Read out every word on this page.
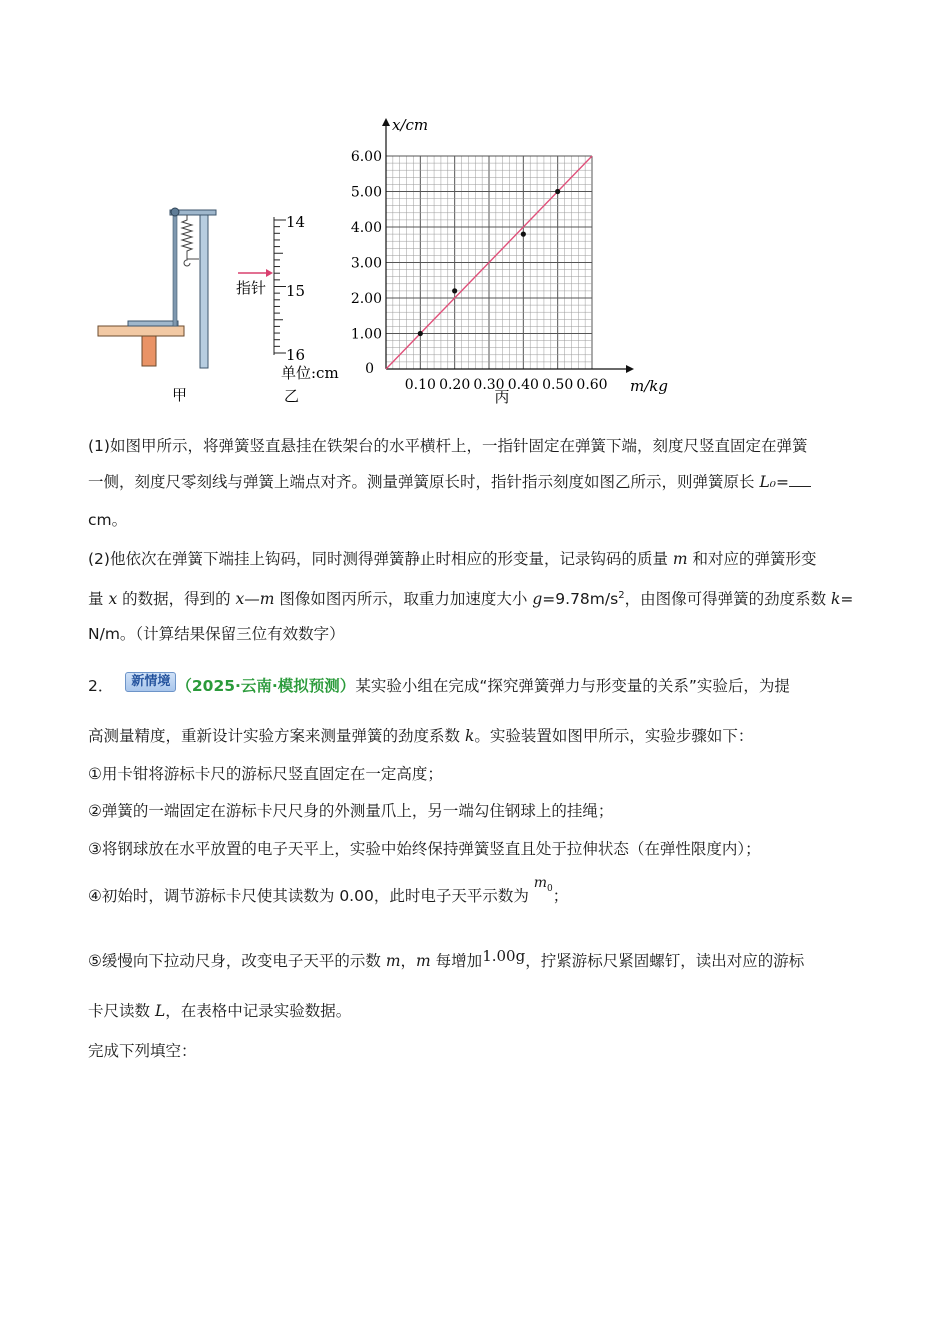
甲
14
15
16
指针
单位:cm
乙
0.10 0.20 0.30 0.40 0.50 0.60
1.00
2.00
3.00
4.00
5.00
6.00
0
m/kg
x/cm
丙
(1)如图甲所示，将弹簧竖直悬挂在铁架台的水平横杆上，一指针固定在弹簧下端，刻度尺竖直固定在弹簧
一侧，刻度尺零刻线与弹簧上端点对齐。测量弹簧原长时，指针指示刻度如图乙所示，则弹簧原长 L₀=
cm。
(2)他依次在弹簧下端挂上钩码，同时测得弹簧静止时相应的形变量，记录钩码的质量 m 和对应的弹簧形变
量 x 的数据，得到的 x—m 图像如图丙所示，取重力加速度大小 $g=9.78m/s^2$，由图像可得弹簧的劲度系数 k=
N/m。（计算结果保留三位有效数字）
2． 新情境 （2025·云南·模拟预测）某实验小组在完成“探究弹簧弹力与形变量的关系”实验后，为提
高测量精度，重新设计实验方案来测量弹簧的劲度系数 k。实验装置如图甲所示，实验步骤如下：
①用卡钳将游标卡尺的游标尺竖直固定在一定高度；
②弹簧的一端固定在游标卡尺尺身的外测量爪上，另一端勾住钢球上的挂绳；
③将钢球放在水平放置的电子天平上，实验中始终保持弹簧竖直且处于拉伸状态（在弹性限度内）；
④初始时，调节游标卡尺使其读数为 0.00，此时电子天平示数为 $m_0$；
⑤缓慢向下拉动尺身，改变电子天平的示数 m，m 每增加1.00g，拧紧游标尺紧固螺钉，读出对应的游标
卡尺读数 L，在表格中记录实验数据。
完成下列填空：
